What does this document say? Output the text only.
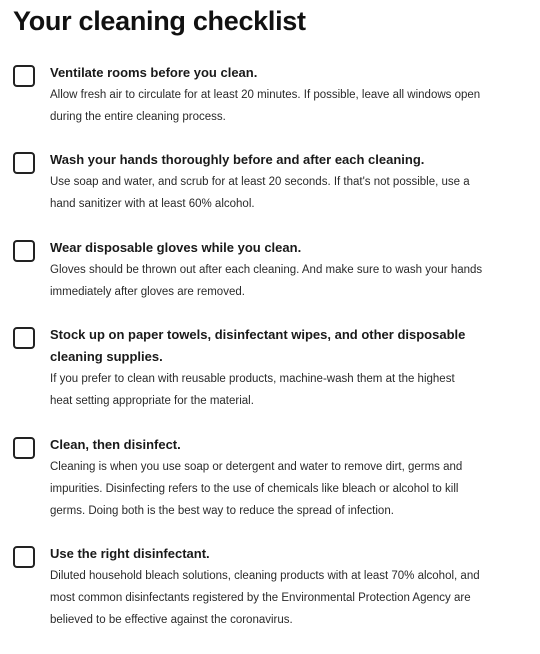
Your cleaning checklist
Ventilate rooms before you clean.

Allow fresh air to circulate for at least 20 minutes. If possible, leave all windows open
during the entire cleaning process.

Wash your hands thoroughly before and after each cleaning.

Use soap and water, and scrub for at least 20 seconds. If that's not possible, use a
hand sanitizer with at least 60% alcohol.

Wear disposable gloves while you clean.

Gloves should be thrown out after each cleaning. And make sure to wash your hands
immediately after gloves are removed.

Stock up on paper towels, disinfectant wipes, and other disposable
cleaning supplies.

If you prefer to clean with reusable products, machine-wash them at the highest
heat setting appropriate for the material.

Clean, then disinfect.

Cleaning is when you use soap or detergent and water to remove dirt, germs and
impurities. Disinfecting refers to the use of chemicals like bleach or alcohol to kill
germs. Doing both is the best way to reduce the spread of infection.

Use the right disinfectant.

Diluted household bleach solutions, cleaning products with at least 70% alcohol, and
most common disinfectants registered by the Environmental Protection Agency are
believed to be effective against the coronavirus.
